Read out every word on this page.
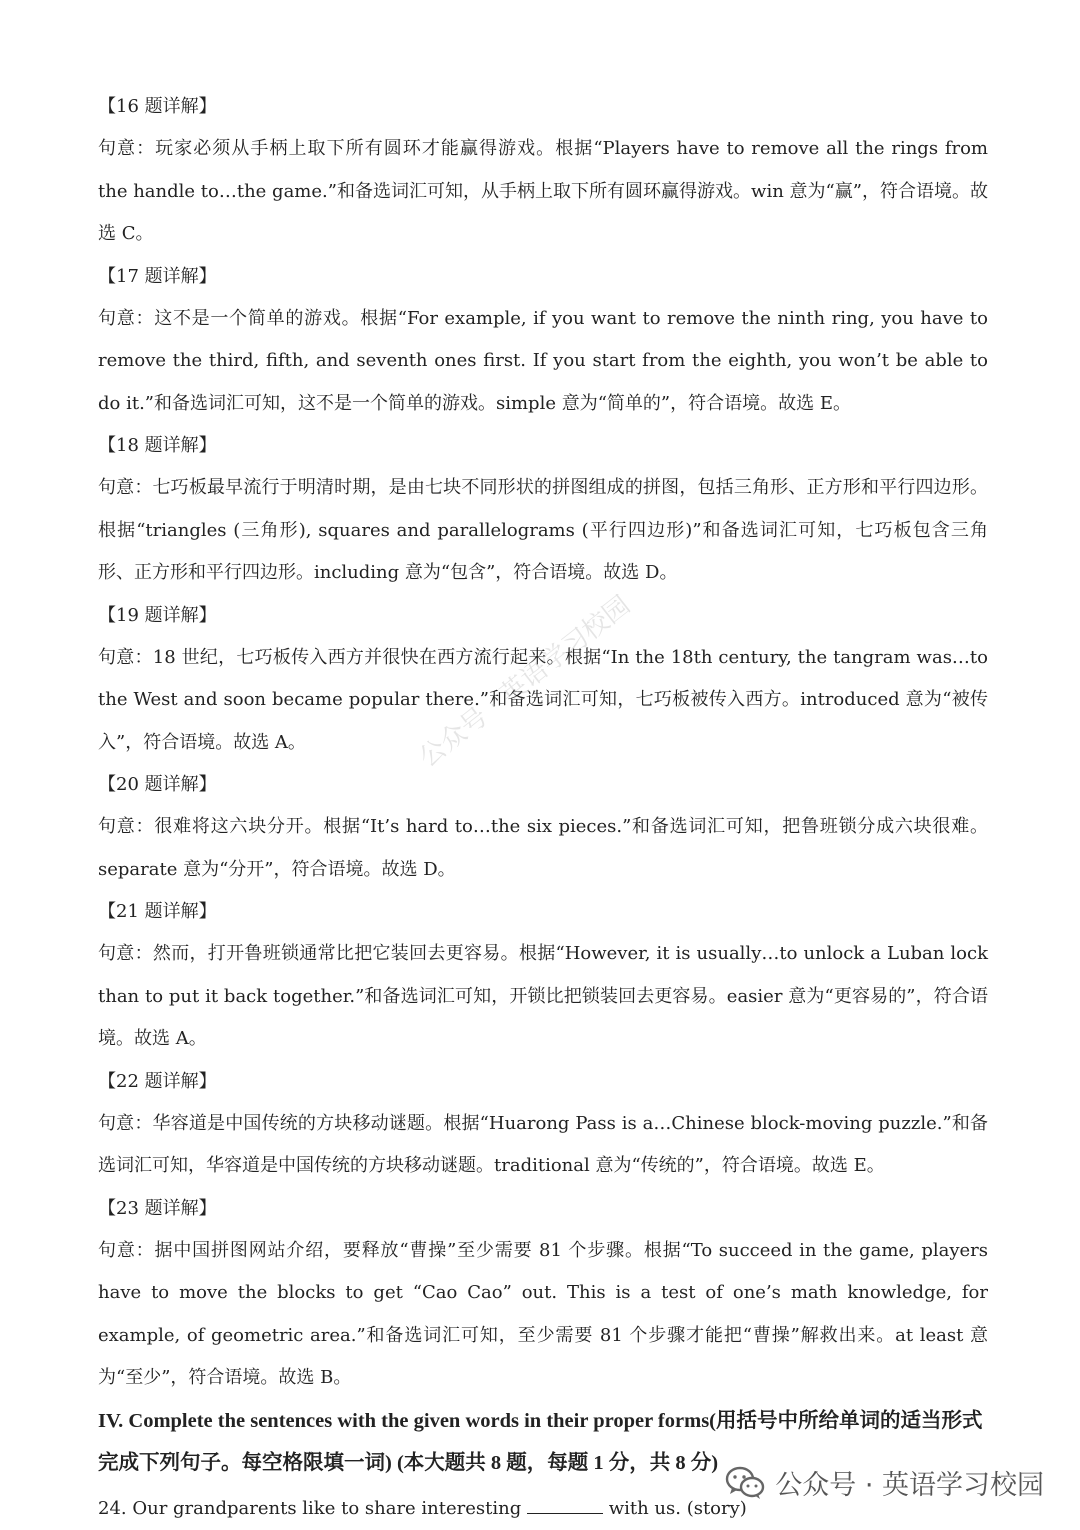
【16 题详解】
句意：玩家必须从手柄上取下所有圆环才能赢得游戏。根据“Players have to remove all the rings from the handle to…the game.”和备选词汇可知，从手柄上取下所有圆环赢得游戏。win 意为“赢”，符合语境。故选 C。
【17 题详解】
句意：这不是一个简单的游戏。根据“For example, if you want to remove the ninth ring, you have to remove the third, fifth, and seventh ones first. If you start from the eighth, you won’t be able to do it.”和备选词汇可知，这不是一个简单的游戏。simple 意为“简单的”，符合语境。故选 E。
【18 题详解】
句意：七巧板最早流行于明清时期，是由七块不同形状的拼图组成的拼图，包括三角形、正方形和平行四边形。根据“triangles (三角形), squares and parallelograms (平行四边形)”和备选词汇可知，七巧板包含三角形、正方形和平行四边形。including 意为“包含”，符合语境。故选 D。
【19 题详解】
句意：18 世纪，七巧板传入西方并很快在西方流行起来。根据“In the 18th century, the tangram was…to the West and soon became popular there.”和备选词汇可知，七巧板被传入西方。introduced 意为“被传入”，符合语境。故选 A。
【20 题详解】
句意：很难将这六块分开。根据“It’s hard to…the six pieces.”和备选词汇可知，把鲁班锁分成六块很难。separate 意为“分开”，符合语境。故选 D。
【21 题详解】
句意：然而，打开鲁班锁通常比把它装回去更容易。根据“However, it is usually…to unlock a Luban lock than to put it back together.”和备选词汇可知，开锁比把锁装回去更容易。easier 意为“更容易的”，符合语境。故选 A。
【22 题详解】
句意：华容道是中国传统的方块移动谜题。根据“Huarong Pass is a…Chinese block-moving puzzle.”和备选词汇可知，华容道是中国传统的方块移动谜题。traditional 意为“传统的”，符合语境。故选 E。
【23 题详解】
句意：据中国拼图网站介绍，要释放“曹操”至少需要 81 个步骤。根据“To succeed in the game, players have to move the blocks to get “Cao Cao” out. This is a test of one’s math knowledge, for example, of geometric area.”和备选词汇可知，至少需要 81 个步骤才能把“曹操”解救出来。at least 意为“至少”，符合语境。故选 B。
IV. Complete the sentences with the given words in their proper forms(用括号中所给单词的适当形式完成下列句子。每空格限填一词) (本大题共 8 题，每题 1 分，共 8 分)
24. Our grandparents like to share interesting	with us. (story)
公众号 · 英语学习校园
公众号 · 英语学习校园
